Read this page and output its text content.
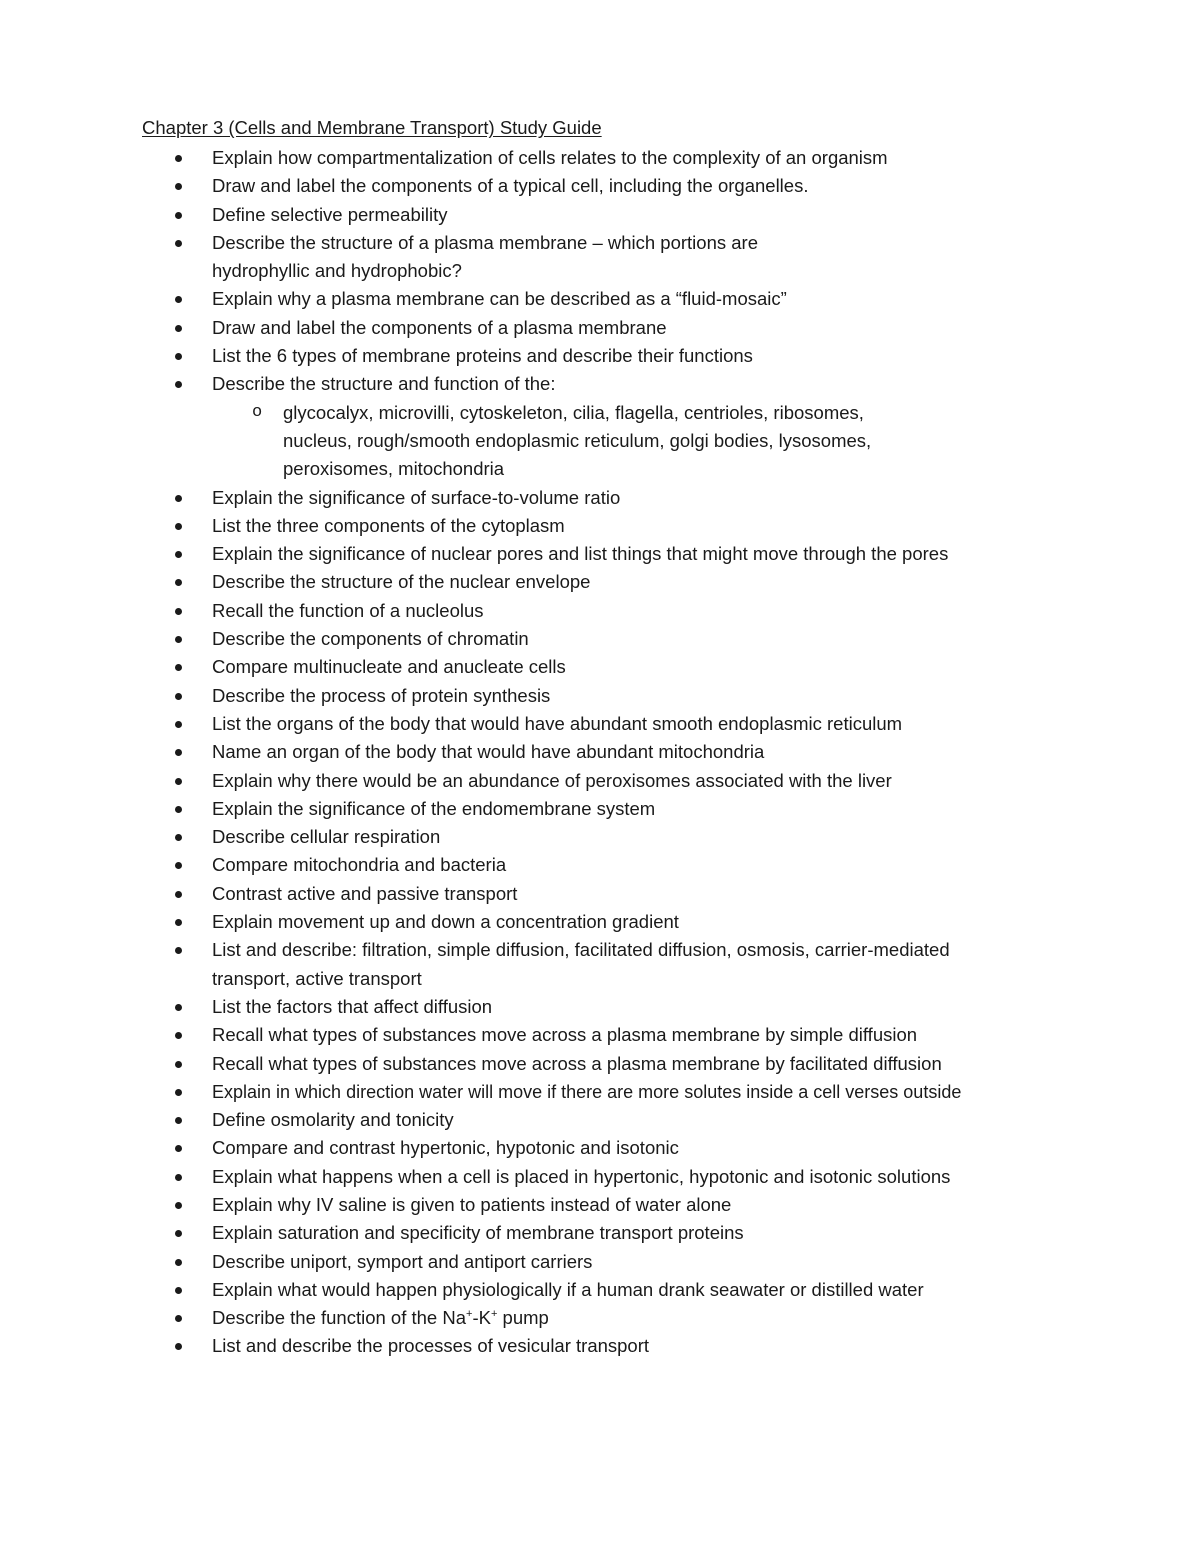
Chapter 3 (Cells and Membrane Transport) Study Guide
Explain how compartmentalization of cells relates to the complexity of an organism
Draw and label the components of a typical cell, including the organelles.
Define selective permeability
Describe the structure of a plasma membrane – which portions are hydrophyllic and hydrophobic?
Explain why a plasma membrane can be described as a “fluid-mosaic”
Draw and label the components of a plasma membrane
List the 6 types of membrane proteins and describe their functions
Describe the structure and function of the:
o glycocalyx, microvilli, cytoskeleton, cilia, flagella, centrioles, ribosomes, nucleus, rough/smooth endoplasmic reticulum, golgi bodies, lysosomes, peroxisomes, mitochondria
Explain the significance of surface-to-volume ratio
List the three components of the cytoplasm
Explain the significance of nuclear pores and list things that might move through the pores
Describe the structure of the nuclear envelope
Recall the function of a nucleolus
Describe the components of chromatin
Compare multinucleate and anucleate cells
Describe the process of protein synthesis
List the organs of the body that would have abundant smooth endoplasmic reticulum
Name an organ of the body that would have abundant mitochondria
Explain why there would be an abundance of peroxisomes associated with the liver
Explain the significance of the endomembrane system
Describe cellular respiration
Compare mitochondria and bacteria
Contrast active and passive transport
Explain movement up and down a concentration gradient
List and describe: filtration, simple diffusion, facilitated diffusion, osmosis, carrier-mediated transport, active transport
List the factors that affect diffusion
Recall what types of substances move across a plasma membrane by simple diffusion
Recall what types of substances move across a plasma membrane by facilitated diffusion
Explain in which direction water will move if there are more solutes inside a cell verses outside
Define osmolarity and tonicity
Compare and contrast hypertonic, hypotonic and isotonic
Explain what happens when a cell is placed in hypertonic, hypotonic and isotonic solutions
Explain why IV saline is given to patients instead of water alone
Explain saturation and specificity of membrane transport proteins
Describe uniport, symport and antiport carriers
Explain what would happen physiologically if a human drank seawater or distilled water
Describe the function of the Na+-K+ pump
List and describe the processes of vesicular transport
